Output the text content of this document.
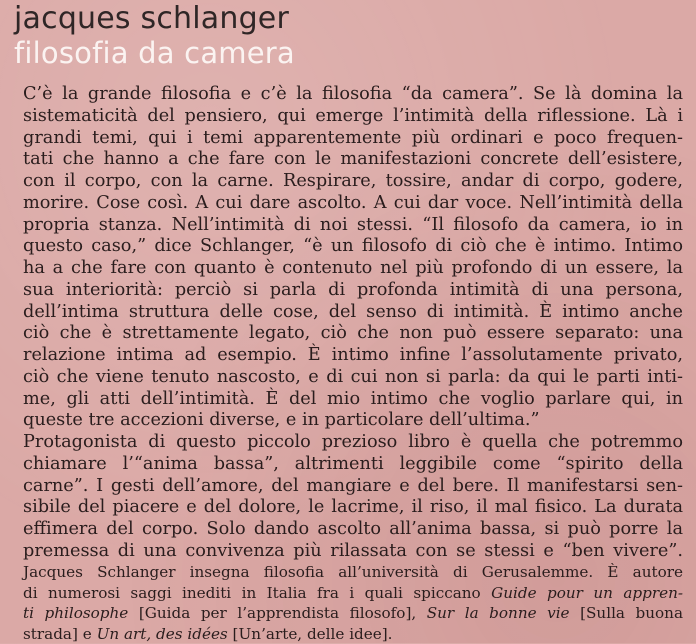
jacques schlanger
filosofia da camera
C’è la grande filosofia e c’è la filosofia “da camera”. Se là domina la
sistematicità del pensiero, qui emerge l’intimità della riflessione. Là i
grandi temi, qui i temi apparentemente più ordinari e poco frequen-
tati che hanno a che fare con le manifestazioni concrete dell’esistere,
con il corpo, con la carne. Respirare, tossire, andar di corpo, godere,
morire. Cose così. A cui dare ascolto. A cui dar voce. Nell’intimità della
propria stanza. Nell’intimità di noi stessi. “Il filosofo da camera, io in
questo caso,” dice Schlanger, “è un filosofo di ciò che è intimo. Intimo
ha a che fare con quanto è contenuto nel più profondo di un essere, la
sua interiorità: perciò si parla di profonda intimità di una persona,
dell’intima struttura delle cose, del senso di intimità. È intimo anche
ciò che è strettamente legato, ciò che non può essere separato: una
relazione intima ad esempio. È intimo infine l’assolutamente privato,
ciò che viene tenuto nascosto, e di cui non si parla: da qui le parti inti-
me, gli atti dell’intimità. È del mio intimo che voglio parlare qui, in
queste tre accezioni diverse, e in particolare dell’ultima.”
Protagonista di questo piccolo prezioso libro è quella che potremmo
chiamare l’“anima bassa”, altrimenti leggibile come “spirito della
carne”. I gesti dell’amore, del mangiare e del bere. Il manifestarsi sen-
sibile del piacere e del dolore, le lacrime, il riso, il mal fisico. La durata
effimera del corpo. Solo dando ascolto all’anima bassa, si può porre la
premessa di una convivenza più rilassata con se stessi e “ben vivere”.
Jacques Schlanger insegna filosofia all’università di Gerusalemme. È autore
di numerosi saggi inediti in Italia fra i quali spiccano Guide pour un appren-
ti philosophe [Guida per l’apprendista filosofo], Sur la bonne vie [Sulla buona
strada] e Un art, des idées [Un’arte, delle idee].
